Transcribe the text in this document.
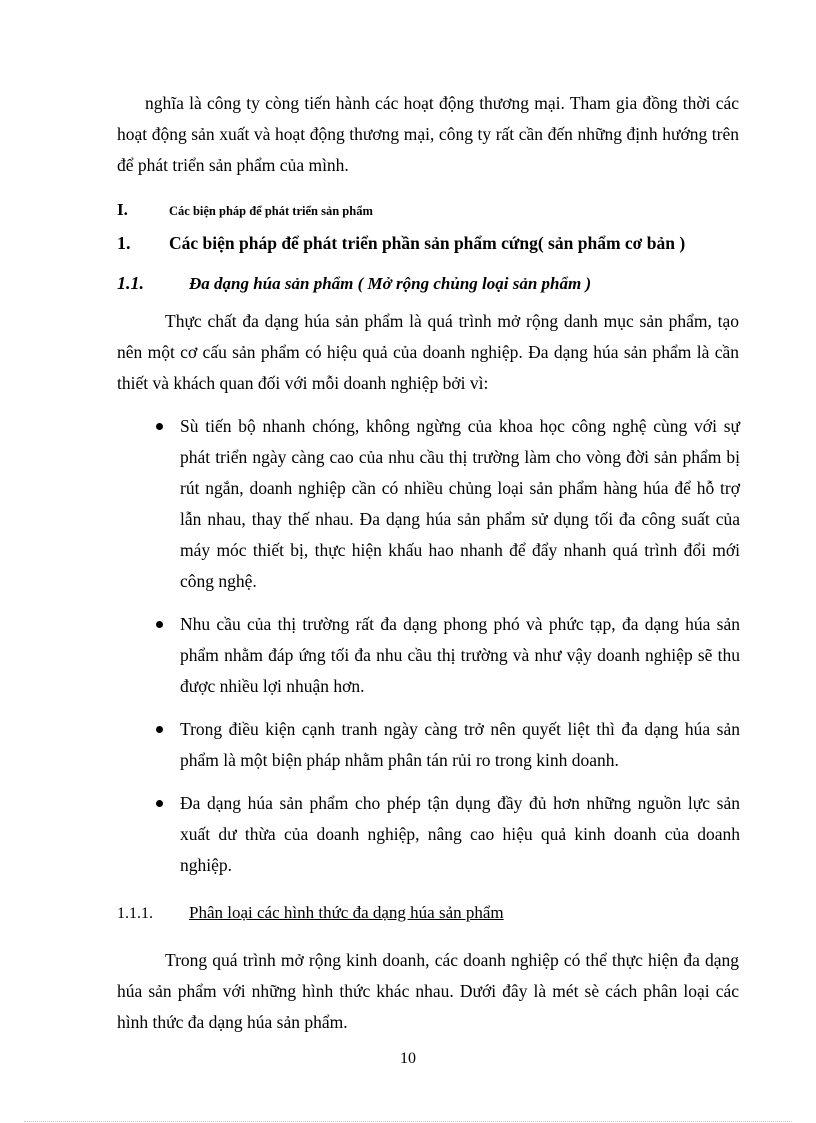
nghĩa là công ty còng tiến hành các hoạt động thương mại. Tham gia đồng thời các hoạt động sản xuất và hoạt động thương mại, công ty rất cần đến những định hướng trên để phát triển sản phẩm của mình.

I.	Các biện pháp để phát triển sản phẩm
1.	Các biện pháp để phát triển phần sản phẩm cứng( sản phẩm cơ bản )
1.1.	Đa dạng húa sản phẩm ( Mở rộng chủng loại sản phẩm )

Thực chất đa dạng húa sản phẩm là quá trình mở rộng danh mục sản phẩm, tạo nên một cơ cấu sản phẩm có hiệu quả của doanh nghiệp. Đa dạng húa sản phẩm là cần thiết và khách quan đối với mỗi doanh nghiệp bởi vì:

Sù tiến bộ nhanh chóng, không ngừng của khoa học công nghệ cùng với sự phát triển ngày càng cao của nhu cầu thị trường làm cho vòng đời sản phẩm bị rút ngắn, doanh nghiệp cần có nhiều chủng loại sản phẩm hàng húa để hỗ trợ lẫn nhau, thay thế nhau. Đa dạng húa sản phẩm sử dụng tối đa công suất của máy móc thiết bị, thực hiện khấu hao nhanh để đẩy nhanh quá trình đổi mới công nghệ.
Nhu cầu của thị trường rất đa dạng phong phó và phức tạp, đa dạng húa sản phẩm nhằm đáp ứng tối đa nhu cầu thị trường và như vậy doanh nghiệp sẽ thu được nhiều lợi nhuận hơn.
Trong điều kiện cạnh tranh ngày càng trở nên quyết liệt thì đa dạng húa sản phẩm là một biện pháp nhằm phân tán rủi ro trong kinh doanh.
Đa dạng húa sản phẩm cho phép tận dụng đầy đủ hơn những nguồn lực sản xuất dư thừa của doanh nghiệp, nâng cao hiệu quả kinh doanh của doanh nghiệp.
1.1.1.	Phân loại các hình thức đa dạng húa sản phẩm

Trong quá trình mở rộng kinh doanh, các doanh nghiệp có thể thực hiện đa dạng húa sản phẩm với những hình thức khác nhau. Dưới đây là mét sè cách phân loại các hình thức đa dạng húa sản phẩm.

10
